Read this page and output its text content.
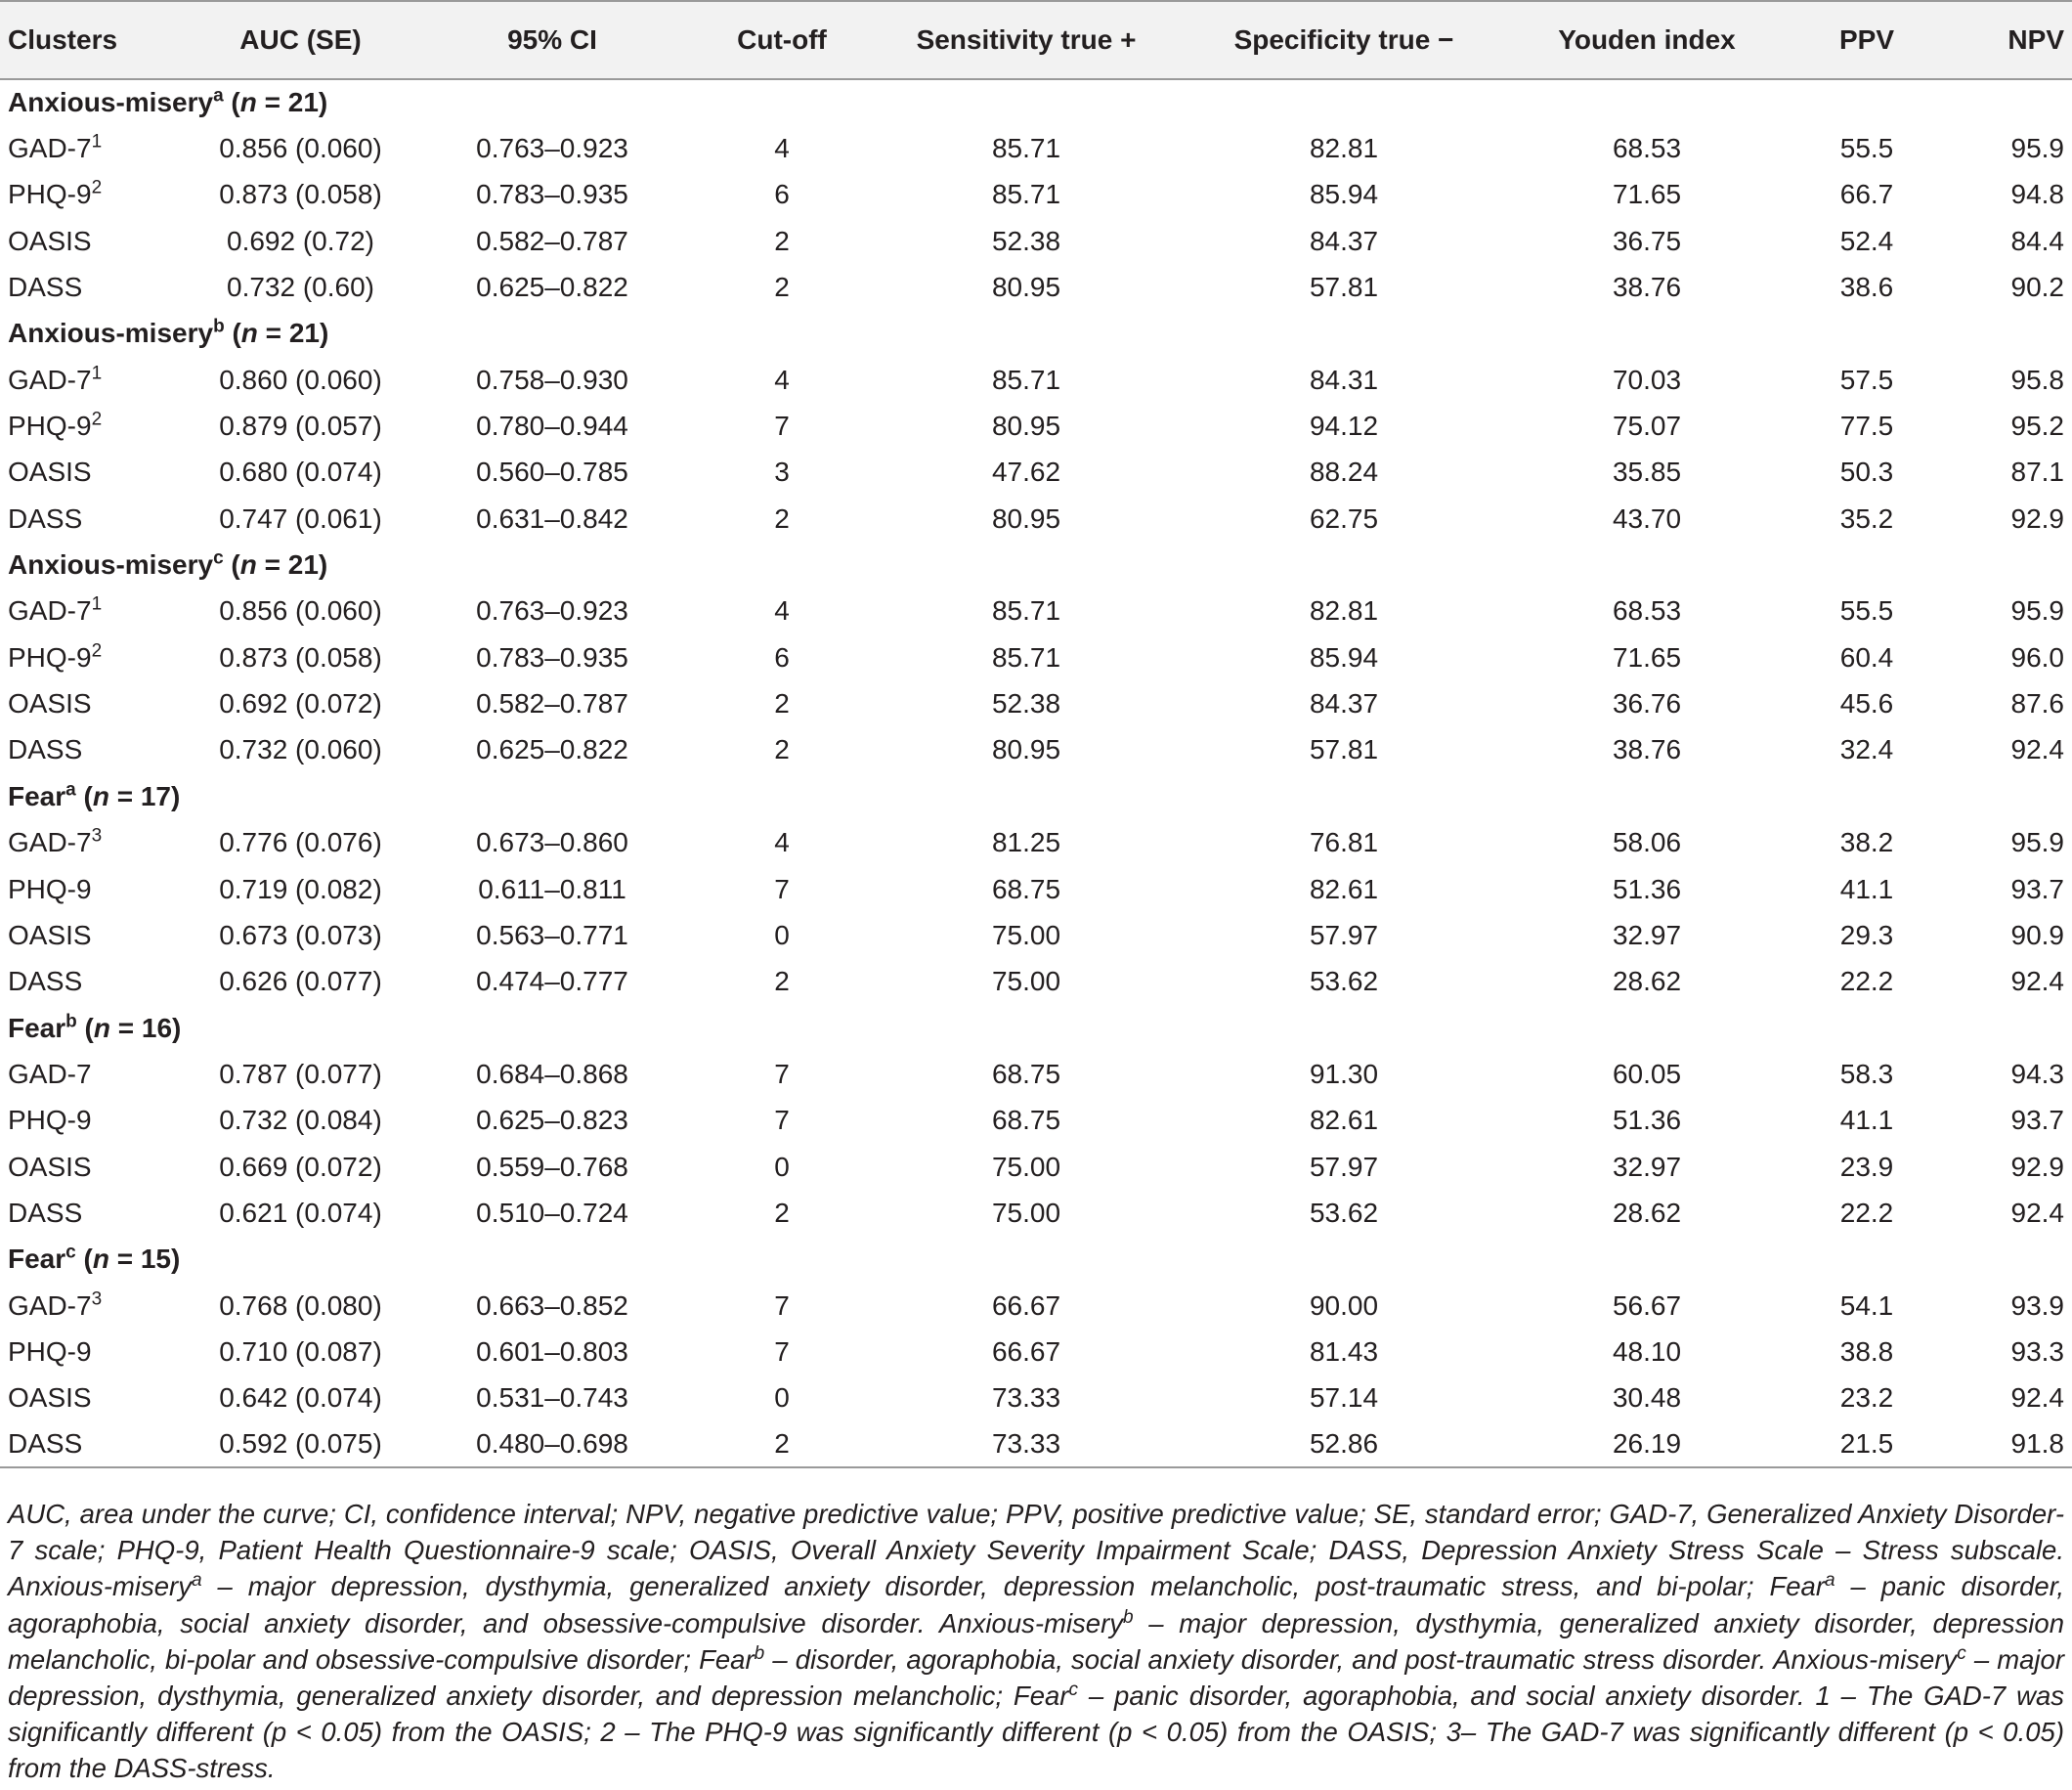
Clusters	AUC (SE)	95% CI	Cut-off	Sensitivity true +	Specificity true −	Youden index	PPV	NPV
Anxious-misery$^a$ (n = 21)								
GAD-$7^1$	0.856 (0.060)	0.763–0.923	4	85.71	82.81	68.53	55.5	95.9
PHQ-$9^2$	0.873 (0.058)	0.783–0.935	6	85.71	85.94	71.65	66.7	94.8
OASIS	0.692 (0.72)	0.582–0.787	2	52.38	84.37	36.75	52.4	84.4
DASS	0.732 (0.60)	0.625–0.822	2	80.95	57.81	38.76	38.6	90.2
Anxious-misery$^b$ (n = 21)								
GAD-$7^1$	0.860 (0.060)	0.758–0.930	4	85.71	84.31	70.03	57.5	95.8
PHQ-$9^2$	0.879 (0.057)	0.780–0.944	7	80.95	94.12	75.07	77.5	95.2
OASIS	0.680 (0.074)	0.560–0.785	3	47.62	88.24	35.85	50.3	87.1
DASS	0.747 (0.061)	0.631–0.842	2	80.95	62.75	43.70	35.2	92.9
Anxious-misery$^c$ (n = 21)								
GAD-$7^1$	0.856 (0.060)	0.763–0.923	4	85.71	82.81	68.53	55.5	95.9
PHQ-$9^2$	0.873 (0.058)	0.783–0.935	6	85.71	85.94	71.65	60.4	96.0
OASIS	0.692 (0.072)	0.582–0.787	2	52.38	84.37	36.76	45.6	87.6
DASS	0.732 (0.060)	0.625–0.822	2	80.95	57.81	38.76	32.4	92.4
Fear$^a$ (n = 17)								
GAD-$7^3$	0.776 (0.076)	0.673–0.860	4	81.25	76.81	58.06	38.2	95.9
PHQ-9	0.719 (0.082)	0.611–0.811	7	68.75	82.61	51.36	41.1	93.7
OASIS	0.673 (0.073)	0.563–0.771	0	75.00	57.97	32.97	29.3	90.9
DASS	0.626 (0.077)	0.474–0.777	2	75.00	53.62	28.62	22.2	92.4
Fear$^b$ (n = 16)								
GAD-7	0.787 (0.077)	0.684–0.868	7	68.75	91.30	60.05	58.3	94.3
PHQ-9	0.732 (0.084)	0.625–0.823	7	68.75	82.61	51.36	41.1	93.7
OASIS	0.669 (0.072)	0.559–0.768	0	75.00	57.97	32.97	23.9	92.9
DASS	0.621 (0.074)	0.510–0.724	2	75.00	53.62	28.62	22.2	92.4
Fear$^c$ (n = 15)								
GAD-$7^3$	0.768 (0.080)	0.663–0.852	7	66.67	90.00	56.67	54.1	93.9
PHQ-9	0.710 (0.087)	0.601–0.803	7	66.67	81.43	48.10	38.8	93.3
OASIS	0.642 (0.074)	0.531–0.743	0	73.33	57.14	30.48	23.2	92.4
DASS	0.592 (0.075)	0.480–0.698	2	73.33	52.86	26.19	21.5	91.8
AUC, area under the curve; CI, confidence interval; NPV, negative predictive value; PPV, positive predictive value; SE, standard error; GAD-7, Generalized Anxiety Disorder-7 scale; PHQ-9, Patient Health Questionnaire-9 scale; OASIS, Overall Anxiety Severity Impairment Scale; DASS, Depression Anxiety Stress Scale – Stress subscale. Anxious-misery$^a$ – major depression, dysthymia, generalized anxiety disorder, depression melancholic, post-traumatic stress, and bi-polar; Fear$^a$ – panic disorder, agoraphobia, social anxiety disorder, and obsessive-compulsive disorder. Anxious-misery$^b$ – major depression, dysthymia, generalized anxiety disorder, depression melancholic, bi-polar and obsessive-compulsive disorder; Fear$^b$ – disorder, agoraphobia, social anxiety disorder, and post-traumatic stress disorder. Anxious-misery$^c$ – major depression, dysthymia, generalized anxiety disorder, and depression melancholic; Fear$^c$ – panic disorder, agoraphobia, and social anxiety disorder. 1 – The GAD-7 was significantly different (p < 0.05) from the OASIS; 2 – The PHQ-9 was significantly different (p < 0.05) from the OASIS; 3– The GAD-7 was significantly different (p < 0.05) from the DASS-stress.
